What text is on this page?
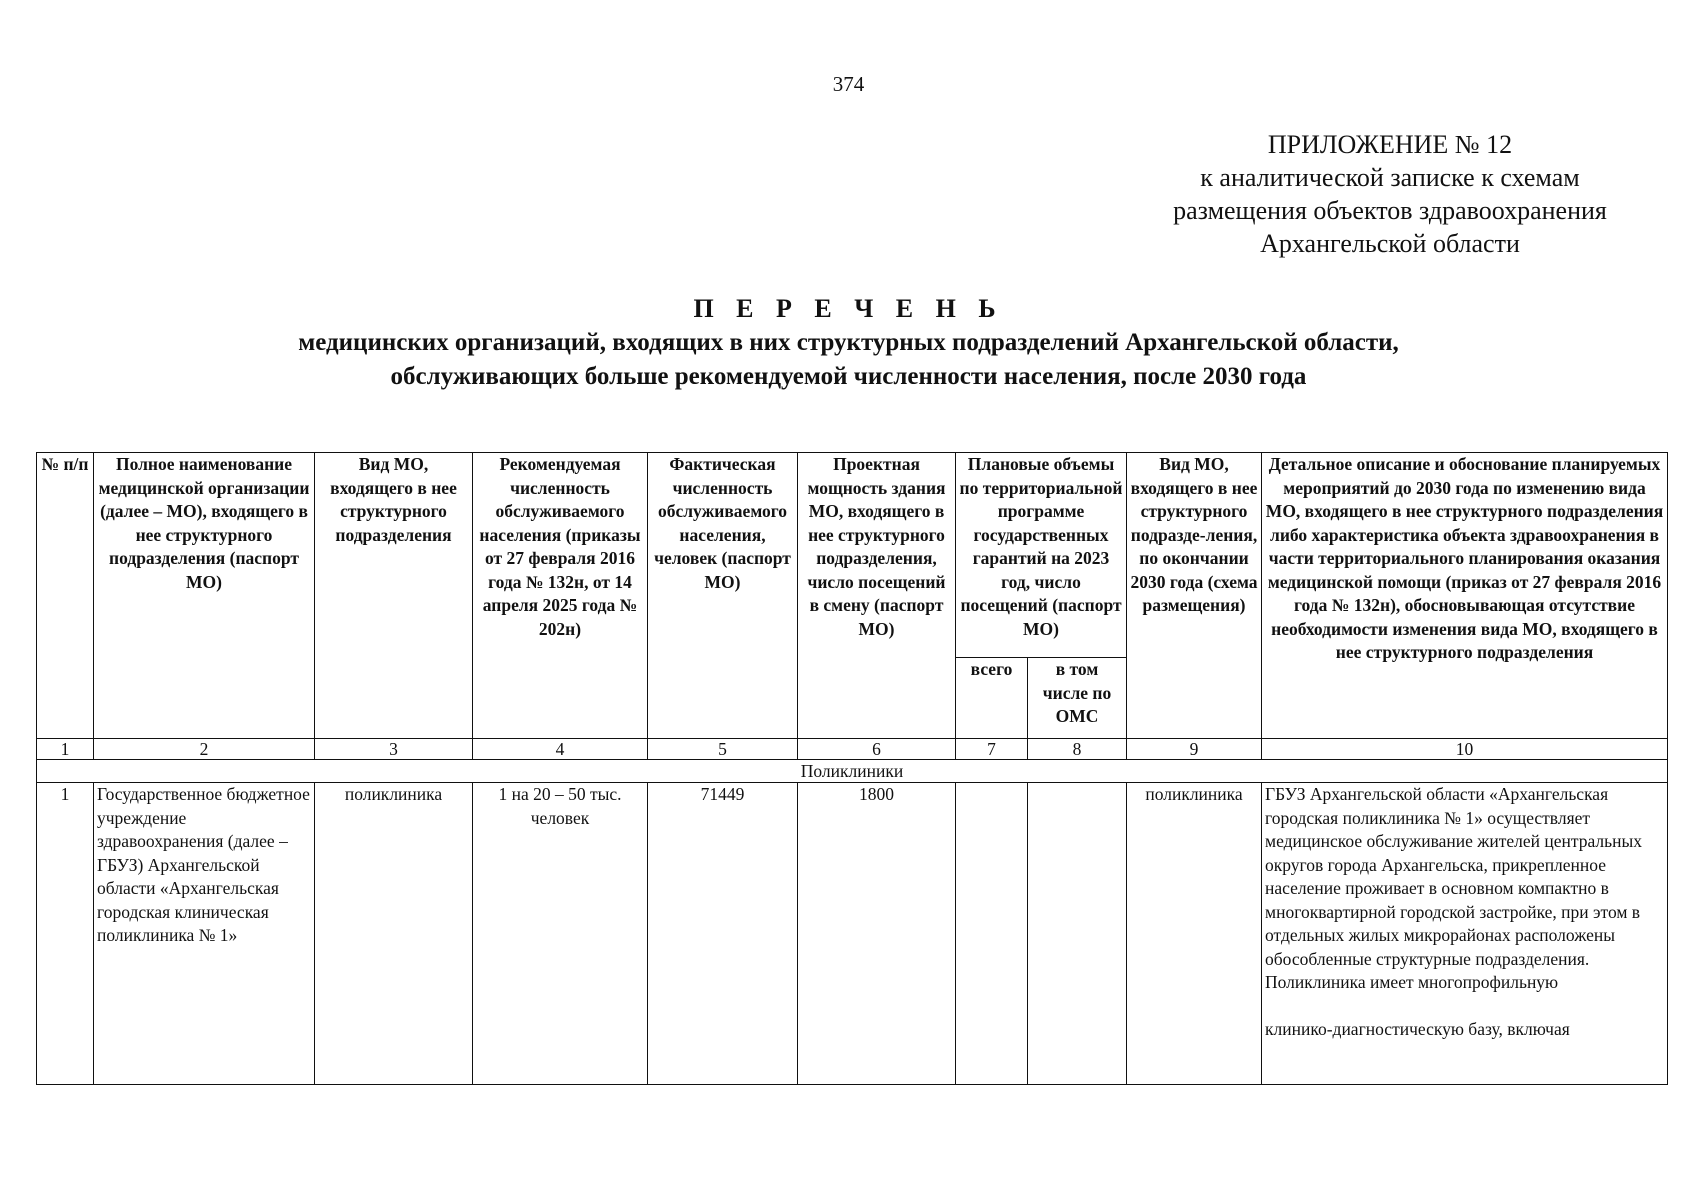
374
ПРИЛОЖЕНИЕ № 12
к аналитической записке к схемам
размещения объектов здравоохранения
Архангельской области
П Е Р Е Ч Е Н Ь
медицинских организаций, входящих в них структурных подразделений Архангельской области,
обслуживающих больше рекомендуемой численности населения, после 2030 года
№ п/п	Полное наименование медицинской организации (далее – МО), входящего в нее структурного подразделения (паспорт МО)	Вид МО, входящего в нее структурного подразделения	Рекомендуемая численность обслуживаемого населения (приказы от 27 февраля 2016 года № 132н, от 14 апреля 2025 года № 202н)	Фактическая численность обслуживаемого населения, человек (паспорт МО)	Проектная мощность здания МО, входящего в нее структурного подразделения, число посещений в смену (паспорт МО)	Плановые объемы по территориальной программе государственных гарантий на 2023 год, число посещений (паспорт МО)		Вид МО, входящего в нее структурного подразде-ления, по окончании 2030 года (схема размещения)	Детальное описание и обоснование планируемых мероприятий до 2030 года по изменению вида МО, входящего в нее структурного подразделения либо характеристика объекта здравоохранения в части территориального планирования оказания медицинской помощи (приказ от 27 февраля 2016 года № 132н), обосновывающая отсутствие необходимости изменения вида МО, входящего в нее структурного подразделения
						всего	в том числе по ОМС		
1	2	3	4	5	6	7	8	9	10
Поликлиники									
1	Государственное бюджетное учреждение здравоохранения (далее – ГБУЗ) Архангельской области «Архангельская городская клиническая поликлиника № 1»	поликлиника	1 на 20 – 50 тыс. человек	71449	1800			поликлиника	ГБУЗ Архангельской области «Архангельская городская поликлиника № 1» осуществляет медицинское обслуживание жителей центральных округов города Архангельска, прикрепленное население проживает в основном компактно в многоквартирной городской застройке, при этом в отдельных жилых микрорайонах расположены обособленные структурные подразделения. Поликлиника имеет многопрофильную
клинико-диагностическую базу, включая
